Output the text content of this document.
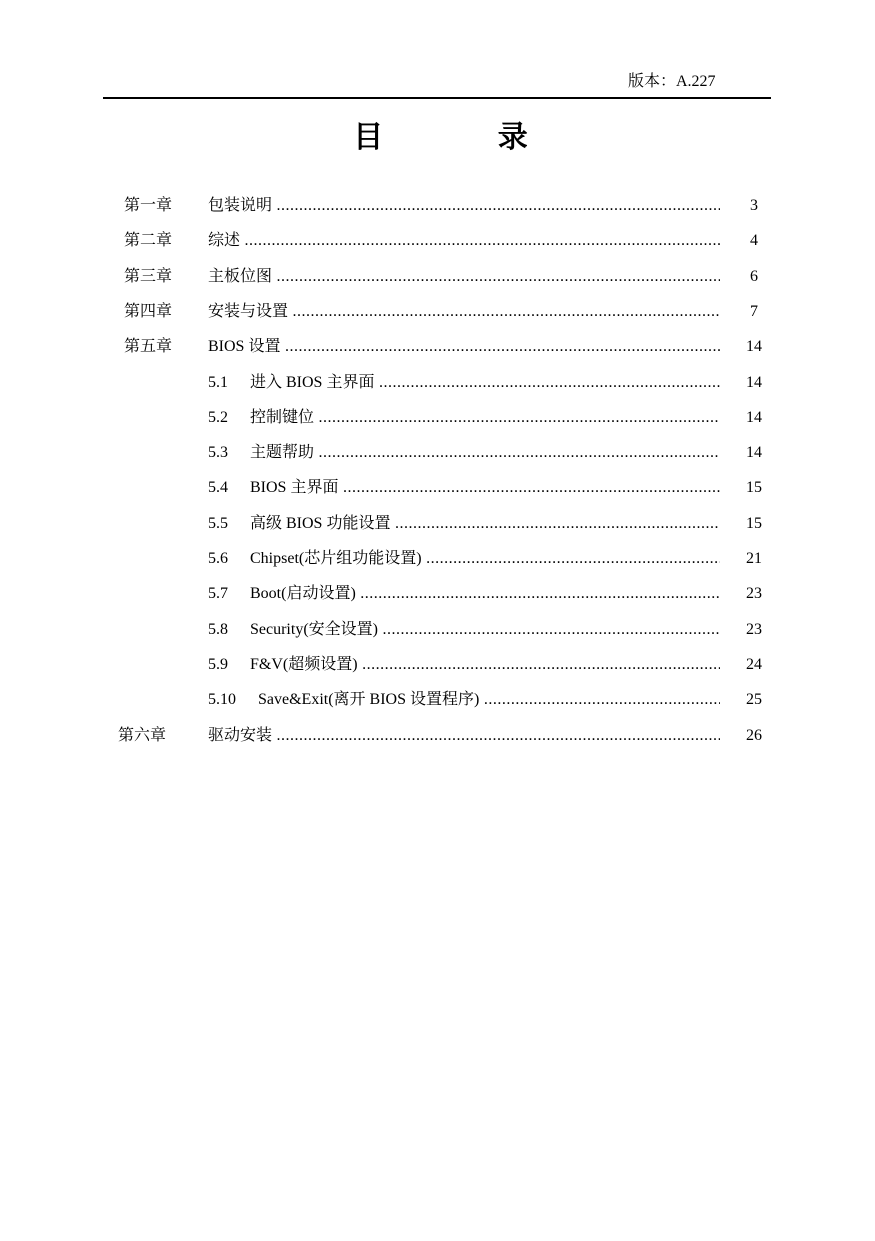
版本：A.227
目 录
第一章 包装说明 .....	3
第二章 综述 .....	4
第三章 主板位图 .....	6
第四章 安装与设置 .....	7
第五章 BIOS 设置 .....	14
5.1 进入 BIOS 主界面 .....	14
5.2 控制键位 .....	14
5.3 主题帮助 .....	14
5.4 BIOS 主界面 .....	15
5.5 高级 BIOS 功能设置 .....	15
5.6 Chipset(芯片组功能设置) .....	21
5.7 Boot(启动设置) .....	23
5.8 Security(安全设置) .....	23
5.9 F&V(超频设置) .....	24
5.10 Save&Exit(离开 BIOS 设置程序) .....	25
第六章	驱动安装 .....	26
